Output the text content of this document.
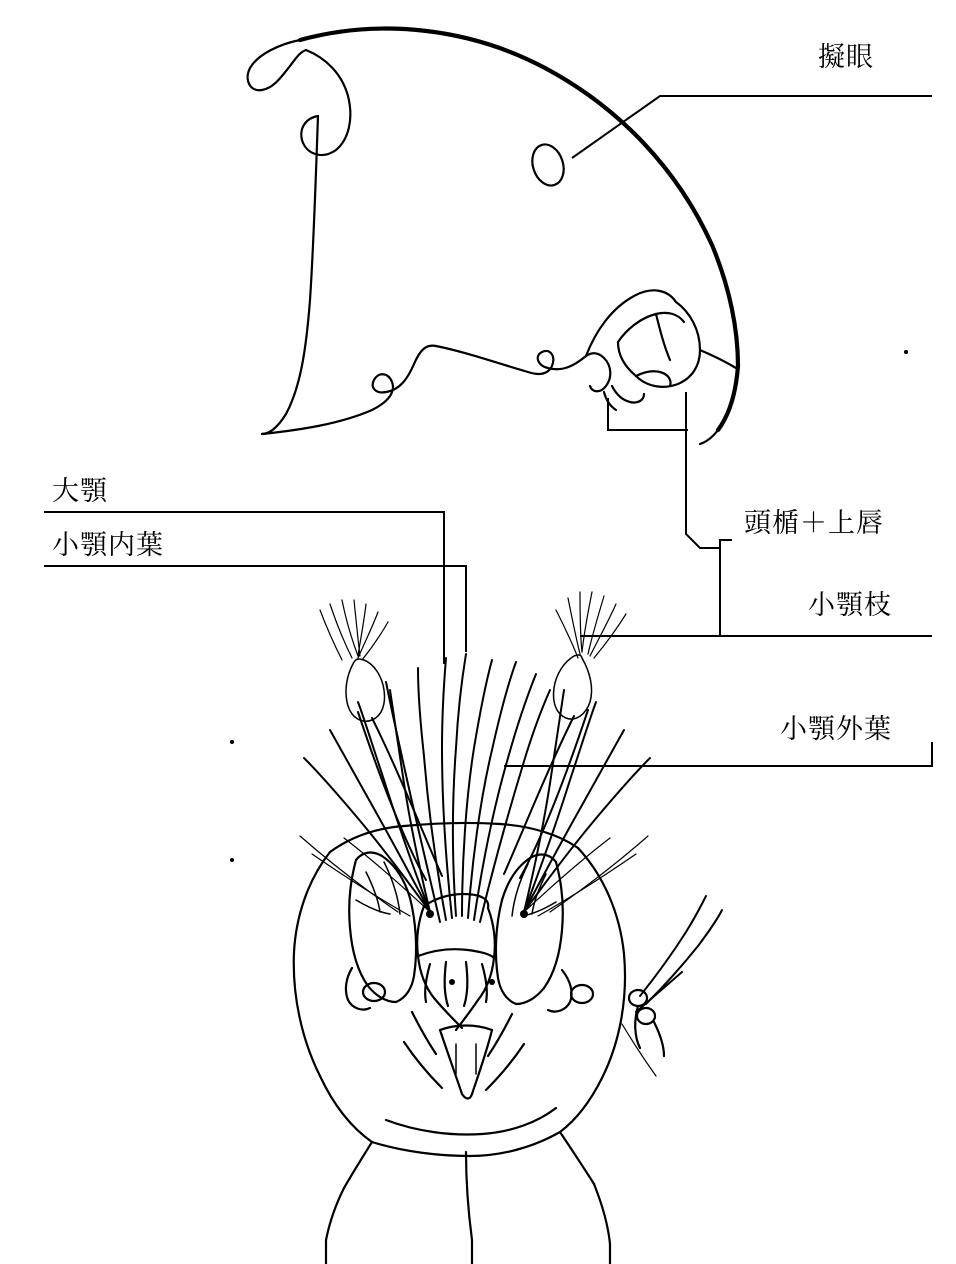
擬眼
大顎
小顎内葉
頭楯＋上唇
小顎枝
小顎外葉
